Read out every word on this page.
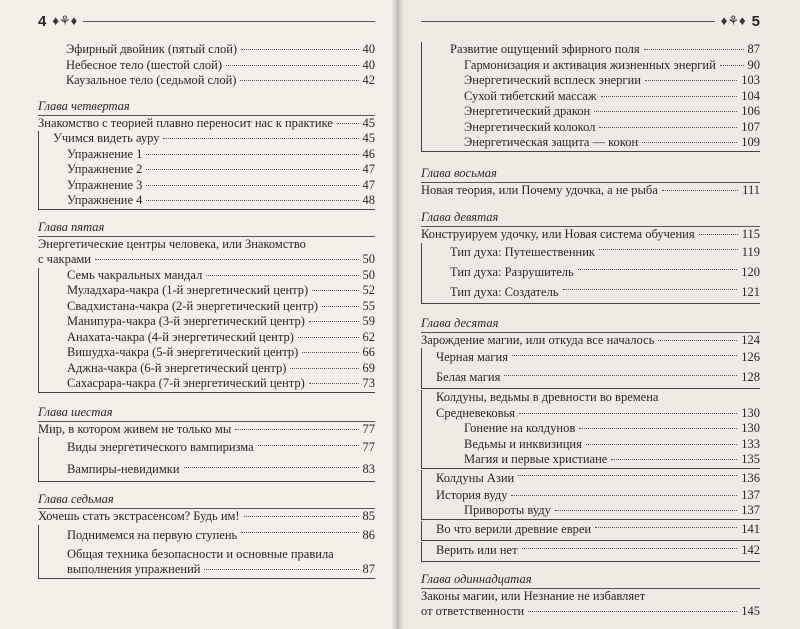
4 ♦⚘♦
Эфирный двойник (пятый слой)	40
Небесное тело (шестой слой)	40
Каузальное тело (седьмой слой)	42
Глава четвертая
Знакомство с теорией плавно переносит нас к практике 45
Учимся видеть ауру	45
Упражнение 1	46
Упражнение 2	47
Упражнение 3	47
Упражнение 4	48
Глава пятая
Энергетические центры человека, или Знакомство
с чакрами	50
Семь чакральных мандал	50
Муладхара-чакра (1-й энергетический центр)	52
Свадхистана-чакра (2-й энергетический центр)	55
Манипура-чакра (3-й энергетический центр)	59
Анахата-чакра (4-й энергетический центр)	62
Вишудха-чакра (5-й энергетический центр)	66
Аджна-чакра (6-й энергетический центр)	69
Сахасрара-чакра (7-й энергетический центр)	73
Глава шестая
Мир, в котором живем не только мы	77
Виды энергетического вампиризма	77
Вампиры-невидимки	83
Глава седьмая
Хочешь стать экстрасенсом? Будь им!	85
Поднимемся на первую ступень	86
Общая техника безопасности и основные правила
выполнения упражнений	87
♦⚘♦ 5
Развитие ощущений эфирного поля	87
Гармонизация и активация жизненных энергий	90
Энергетический всплеск энергии	103
Сухой тибетский массаж	104
Энергетический дракон	106
Энергетический колокол	107
Энергетическая защита — кокон	109
Глава восьмая
Новая теория, или Почему удочка, а не рыба	111
Глава девятая
Конструируем удочку, или Новая система обучения	115
Тип духа: Путешественник	119
Тип духа: Разрушитель	120
Тип духа: Создатель	121
Глава десятая
Зарождение магии, или откуда все началось	124
Черная магия	126
Белая магия	128
Колдуны, ведьмы в древности во времена
Средневековья	130
Гонение на колдунов	130
Ведьмы и инквизиция	133
Магия и первые христиане	135
Колдуны Азии	136
История вуду	137
Привороты вуду	137
Во что верили древние евреи	141
Верить или нет	142
Глава одиннадцатая
Законы магии, или Незнание не избавляет
от ответственности	145
